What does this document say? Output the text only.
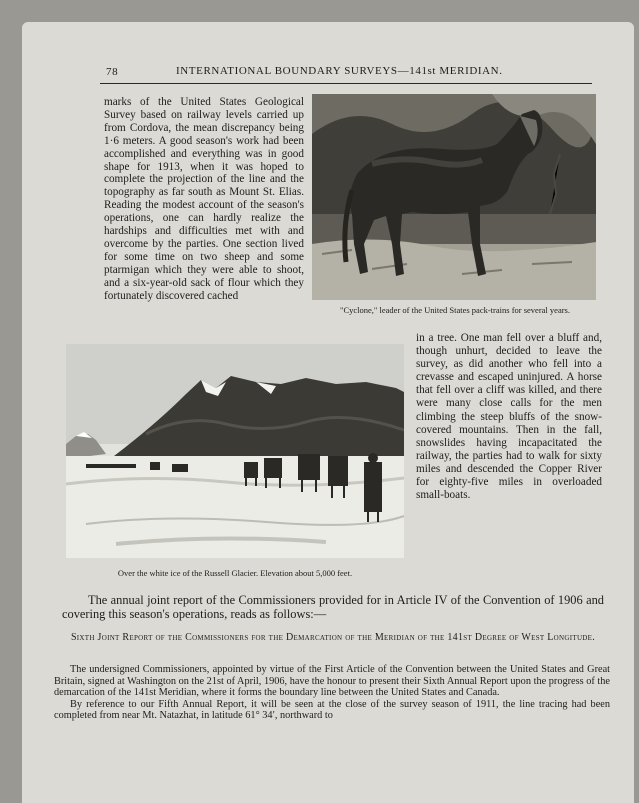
78	INTERNATIONAL BOUNDARY SURVEYS—141st MERIDIAN.

marks of the United States Geological Survey based on railway levels carried up from Cordova, the mean discrepancy being 1·6 meters. A good season's work had been accomplished and everything was in good shape for 1913, when it was hoped to complete the projection of the line and the topography as far south as Mount St. Elias. Reading the modest account of the season's operations, one can hardly realize the hardships and difficulties met with and overcome by the parties. One section lived for some time on two sheep and some ptarmigan which they were able to shoot, and a six-year-old sack of flour which they fortunately discovered cached

"Cyclone," leader of the United States pack-trains for several years.
Over the white ice of the Russell Glacier. Elevation about 5,000 feet.

in a tree. One man fell over a bluff and, though unhurt, decided to leave the survey, as did another who fell into a crevasse and escaped uninjured. A horse that fell over a cliff was killed, and there were many close calls for the men climbing the steep bluffs of the snow-covered mountains. Then in the fall, snowslides having incapacitated the railway, the parties had to walk for sixty miles and descended the Copper River for eighty-five miles in overloaded small-boats.

The annual joint report of the Commissioners provided for in Article IV of the Convention of 1906 and covering this season's operations, reads as follows:—

Sixth Joint Report of the Commissioners for the Demarcation of the Meridian of the 141st Degree of West Longitude.

The undersigned Commissioners, appointed by virtue of the First Article of the Convention between the United States and Great Britain, signed at Washington on the 21st of April, 1906, have the honour to present their Sixth Annual Report upon the progress of the demarcation of the 141st Meridian, where it forms the boundary line between the United States and Canada.

By reference to our Fifth Annual Report, it will be seen at the close of the survey season of 1911, the line tracing had been completed from near Mt. Natazhat, in latitude 61° 34′, northward to
